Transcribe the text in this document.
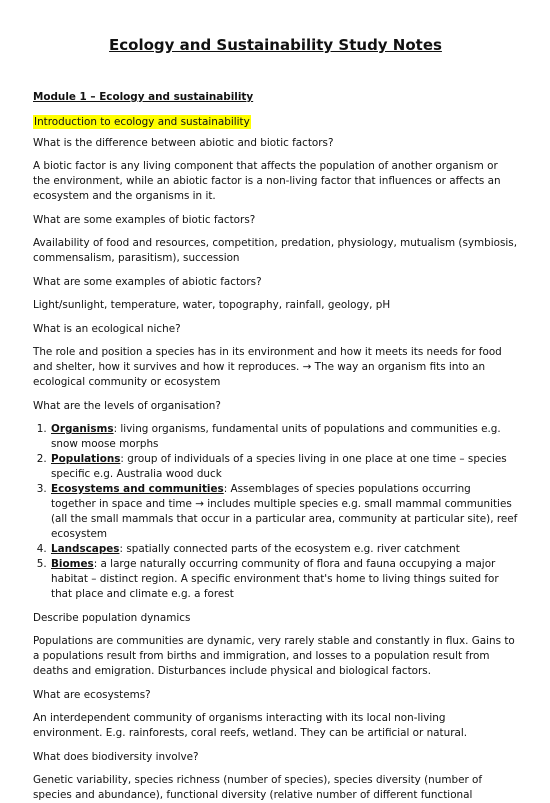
Ecology and Sustainability Study Notes
Module 1 – Ecology and sustainability
Introduction to ecology and sustainability

What is the difference between abiotic and biotic factors?

A biotic factor is any living component that affects the population of another organism or the environment, while an abiotic factor is a non-living factor that influences or affects an ecosystem and the organisms in it.

What are some examples of biotic factors?

Availability of food and resources, competition, predation, physiology, mutualism (symbiosis, commensalism, parasitism), succession

What are some examples of abiotic factors?

Light/sunlight, temperature, water, topography, rainfall, geology, pH

What is an ecological niche?

The role and position a species has in its environment and how it meets its needs for food and shelter, how it survives and how it reproduces. → The way an organism fits into an ecological community or ecosystem

What are the levels of organisation?

1. Organisms: living organisms, fundamental units of populations and communities e.g. snow moose morphs
2. Populations: group of individuals of a species living in one place at one time – species specific e.g. Australia wood duck
3. Ecosystems and communities: Assemblages of species populations occurring together in space and time → includes multiple species e.g. small mammal communities (all the small mammals that occur in a particular area, community at particular site), reef ecosystem
4. Landscapes: spatially connected parts of the ecosystem e.g. river catchment
5. Biomes: a large naturally occurring community of flora and fauna occupying a major habitat – distinct region. A specific environment that's home to living things suited for that place and climate e.g. a forest

Describe population dynamics

Populations are communities are dynamic, very rarely stable and constantly in flux. Gains to a populations result from births and immigration, and losses to a population result from deaths and emigration. Disturbances include physical and biological factors.

What are ecosystems?

An interdependent community of organisms interacting with its local non-living environment. E.g. rainforests, coral reefs, wetland. They can be artificial or natural.

What does biodiversity involve?

Genetic variability, species richness (number of species), species diversity (number of species and abundance), functional diversity (relative number of different functional
